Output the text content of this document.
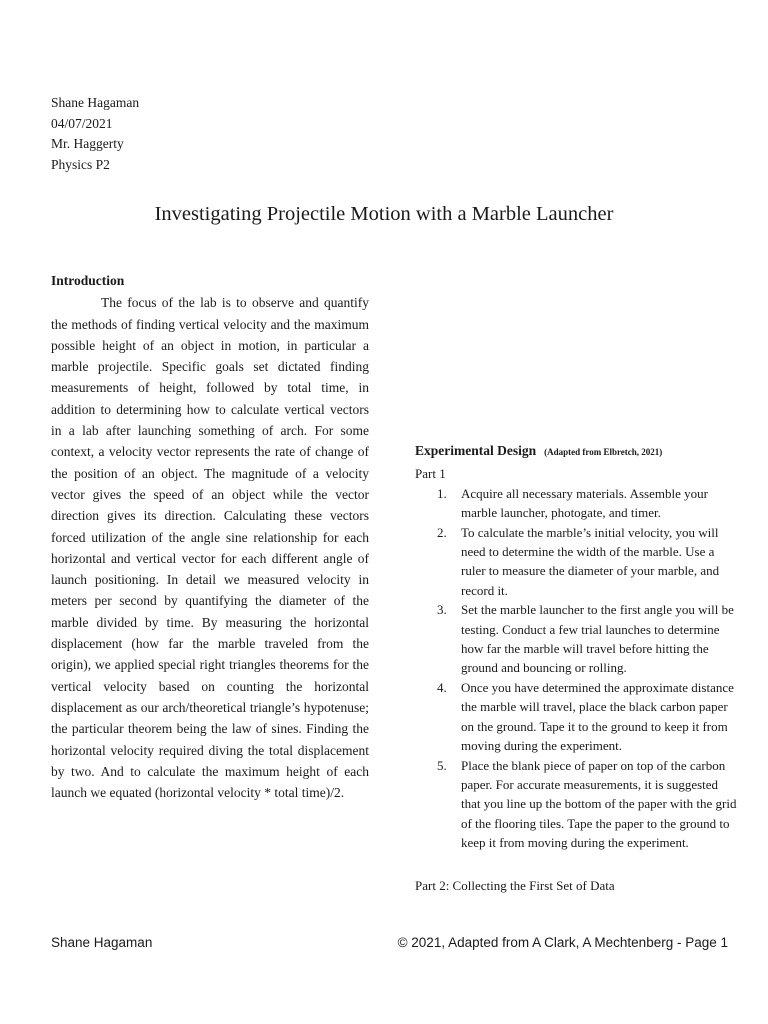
Shane Hagaman
04/07/2021
Mr. Haggerty
Physics P2
Investigating Projectile Motion with a Marble Launcher
Introduction

The focus of the lab is to observe and quantify the methods of finding vertical velocity and the maximum possible height of an object in motion, in particular a marble projectile. Specific goals set dictated finding measurements of height, followed by total time, in addition to determining how to calculate vertical vectors in a lab after launching something of arch. For some context, a velocity vector represents the rate of change of the position of an object. The magnitude of a velocity vector gives the speed of an object while the vector direction gives its direction. Calculating these vectors forced utilization of the angle sine relationship for each horizontal and vertical vector for each different angle of launch positioning. In detail we measured velocity in meters per second by quantifying the diameter of the marble divided by time. By measuring the horizontal displacement (how far the marble traveled from the origin), we applied special right triangles theorems for the vertical velocity based on counting the horizontal displacement as our arch/theoretical triangle’s hypotenuse; the particular theorem being the law of sines. Finding the horizontal velocity required diving the total displacement by two. And to calculate the maximum height of each launch we equated (horizontal velocity * total time)/2.

Experimental Design (Adapted from Elbretch, 2021)
Part 1
1. Acquire all necessary materials. Assemble your marble launcher, photogate, and timer.
2. To calculate the marble’s initial velocity, you will need to determine the width of the marble. Use a ruler to measure the diameter of your marble, and record it.
3. Set the marble launcher to the first angle you will be testing. Conduct a few trial launches to determine how far the marble will travel before hitting the ground and bouncing or rolling.
4. Once you have determined the approximate distance the marble will travel, place the black carbon paper on the ground. Tape it to the ground to keep it from moving during the experiment.
5. Place the blank piece of paper on top of the carbon paper. For accurate measurements, it is suggested that you line up the bottom of the paper with the grid of the flooring tiles. Tape the paper to the ground to keep it from moving during the experiment.
Part 2: Collecting the First Set of Data
Shane Hagaman	© 2021, Adapted from A Clark, A Mechtenberg - Page 1
